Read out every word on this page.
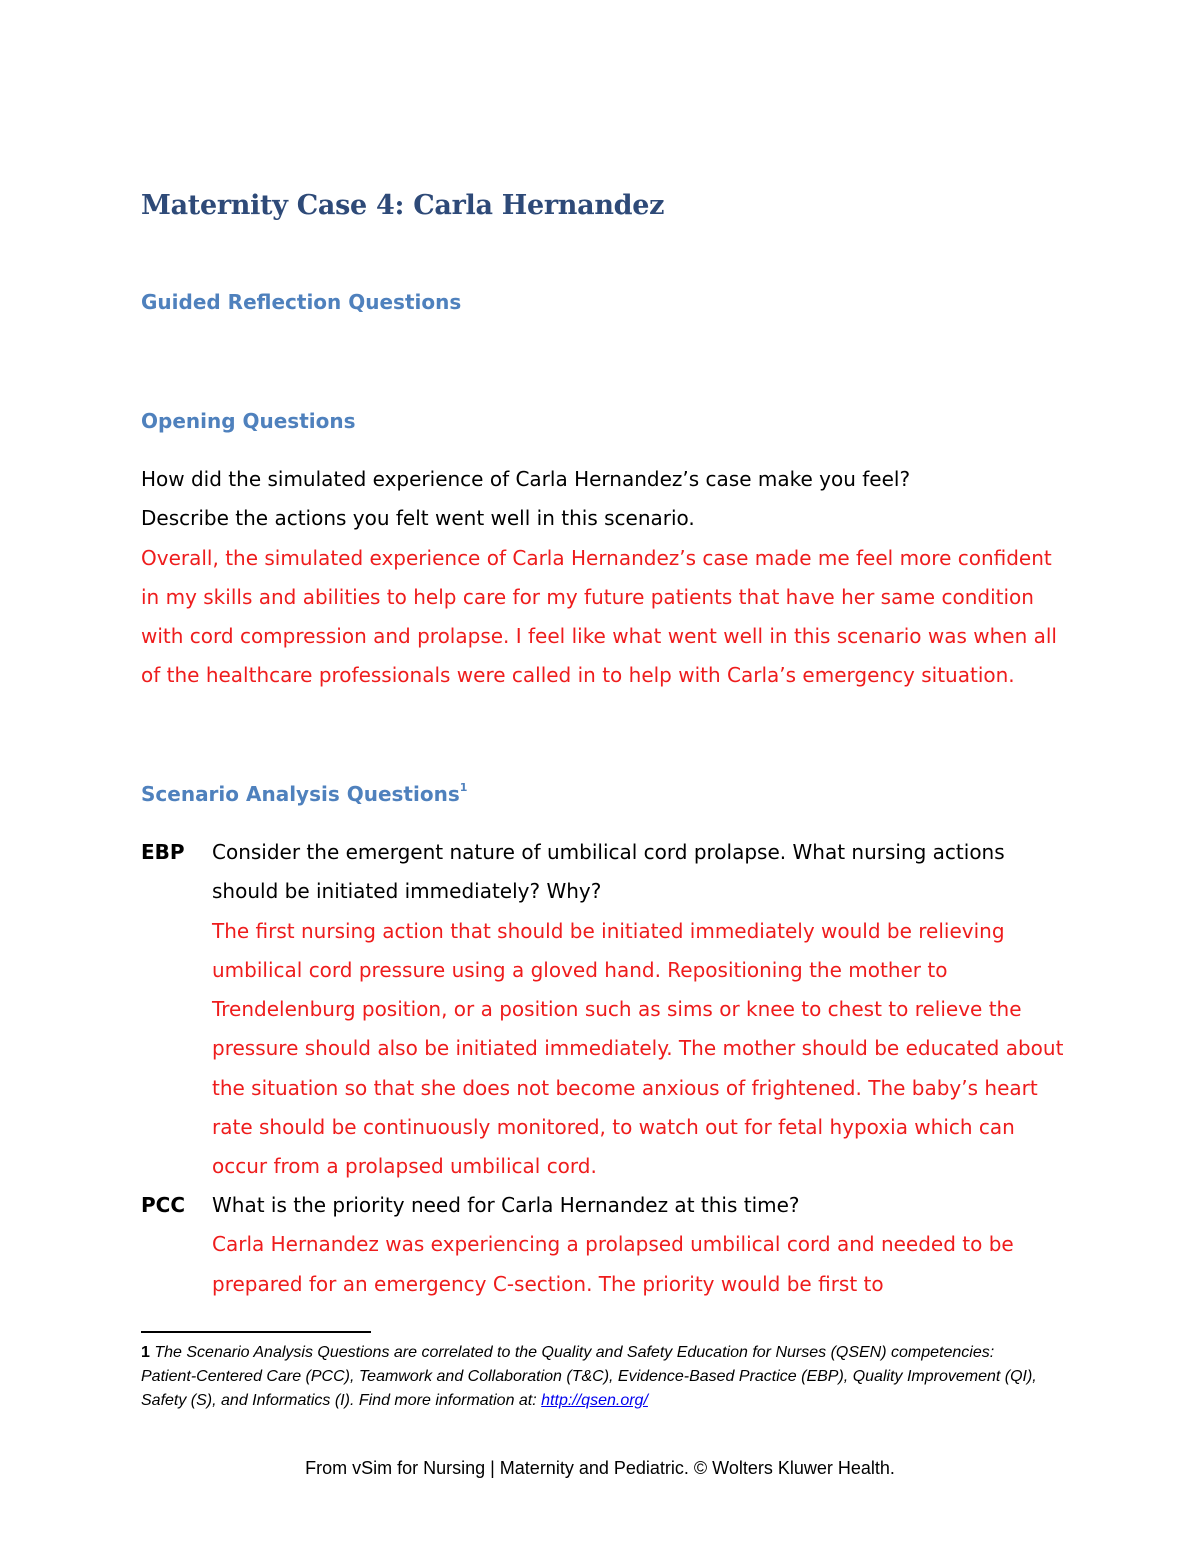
Maternity Case 4: Carla Hernandez
Guided Reflection Questions
Opening Questions

How did the simulated experience of Carla Hernandez’s case make you feel?

Describe the actions you felt went well in this scenario.

Overall, the simulated experience of Carla Hernandez’s case made me feel more confident in my skills and abilities to help care for my future patients that have her same condition with cord compression and prolapse. I feel like what went well in this scenario was when all of the healthcare professionals were called in to help with Carla’s emergency situation.

Scenario Analysis Questions$^1$
EBP Consider the emergent nature of umbilical cord prolapse. What nursing actions should be initiated immediately? Why?

The first nursing action that should be initiated immediately would be relieving umbilical cord pressure using a gloved hand. Repositioning the mother to Trendelenburg position, or a position such as sims or knee to chest to relieve the pressure should also be initiated immediately. The mother should be educated about the situation so that she does not become anxious of frightened. The baby’s heart rate should be continuously monitored, to watch out for fetal hypoxia which can occur from a prolapsed umbilical cord.

PCC What is the priority need for Carla Hernandez at this time?

Carla Hernandez was experiencing a prolapsed umbilical cord and needed to be prepared for an emergency C-section. The priority would be first to

1 The Scenario Analysis Questions are correlated to the Quality and Safety Education for Nurses (QSEN) competencies: Patient-Centered Care (PCC), Teamwork and Collaboration (T&C), Evidence-Based Practice (EBP), Quality Improvement (QI), Safety (S), and Informatics (I). Find more information at: http://qsen.org/

From vSim for Nursing | Maternity and Pediatric. © Wolters Kluwer Health.
